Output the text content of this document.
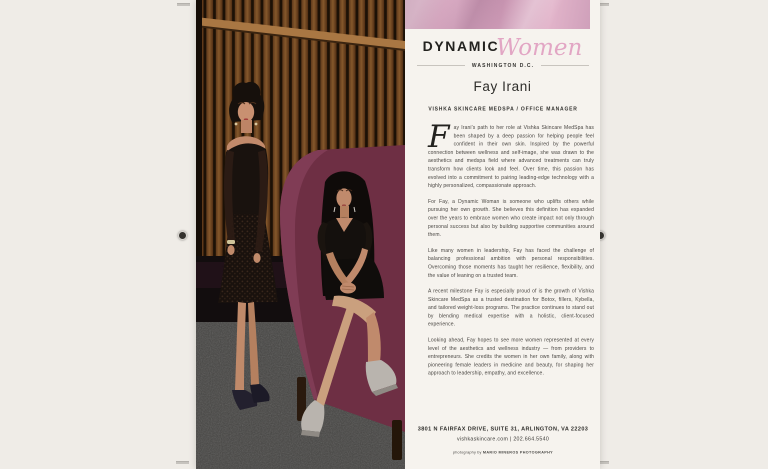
DYNAMICWomen
WASHINGTON D.C.
Fay Irani
VISHKA SKINCARE MEDSPA / OFFICE MANAGER

Fay Irani's path to her role at Vishka Skincare MedSpa has been shaped by a deep passion for helping people feel confident in their own skin. Inspired by the powerful connection between wellness and self-image, she was drawn to the aesthetics and medspa field where advanced treatments can truly transform how clients look and feel. Over time, this passion has evolved into a commitment to pairing leading-edge technology with a highly personalized, compassionate approach.

For Fay, a Dynamic Woman is someone who uplifts others while pursuing her own growth. She believes this definition has expanded over the years to embrace women who create impact not only through personal success but also by building supportive communities around them.

Like many women in leadership, Fay has faced the challenge of balancing professional ambition with personal responsibilities. Overcoming those moments has taught her resilience, flexibility, and the value of leaning on a trusted team.

A recent milestone Fay is especially proud of is the growth of Vishka Skincare MedSpa as a trusted destination for Botox, fillers, Kybella, and tailored weight-loss programs. The practice continues to stand out by blending medical expertise with a holistic, client-focused experience.

Looking ahead, Fay hopes to see more women represented at every level of the aesthetics and wellness industry — from providers to entrepreneurs. She credits the women in her own family, along with pioneering female leaders in medicine and beauty, for shaping her approach to leadership, empathy, and excellence.

3801 N FAIRFAX DRIVE, SUITE 31, ARLINGTON, VA 22203
vishkaskincare.com | 202.664.5540
photography by MARIO MINEROS PHOTOGRAPHY
